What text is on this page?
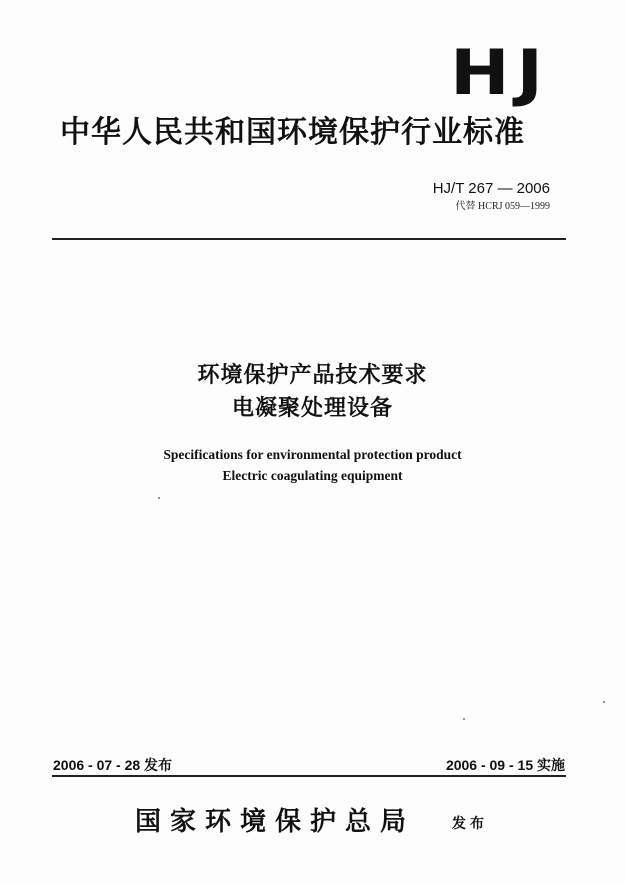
HJ
中华人民共和国环境保护行业标准
HJ/T 267 — 2006
代替 HCRJ 059—1999
环境保护产品技术要求
电凝聚处理设备
Specifications for environmental protection product
Electric coagulating equipment
2006 - 07 - 28 发布	2006 - 09 - 15 实施
国家环境保护总局	发布
